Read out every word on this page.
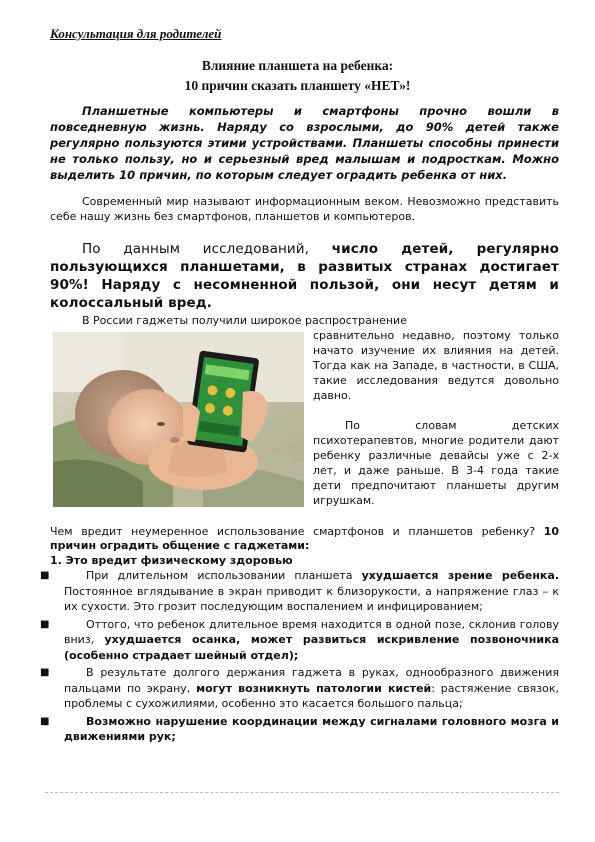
Консультация для родителей
Влияние планшета на ребенка:
10 причин сказать планшету «НЕТ»!
Планшетные компьютеры и смартфоны прочно вошли в повседневную жизнь. Наряду со взрослыми, до 90% детей также регулярно пользуются этими устройствами. Планшеты способны принести не только пользу, но и серьезный вред малышам и подросткам. Можно выделить 10 причин, по которым следует оградить ребенка от них.
Современный мир называют информационным веком. Невозможно представить себе нашу жизнь без смартфонов, планшетов и компьютеров.
По данным исследований, число детей, регулярно пользующихся планшетами, в развитых странах достигает 90%! Наряду с несомненной пользой, они несут детям и колоссальный вред.
В России гаджеты получили широкое распространение
сравнительно недавно, поэтому только начато изучение их влияния на детей. Тогда как на Западе, в частности, в США, такие исследования ведутся довольно давно.
По словам детских психотерапевтов, многие родители дают ребенку различные девайсы уже с 2-х лет, и даже раньше. В 3-4 года такие дети предпочитают планшеты другим игрушкам.
Чем вредит неумеренное использование смартфонов и планшетов ребенку? 10 причин оградить общение с гаджетами:
1. Это вредит физическому здоровью
■	При длительном использовании планшета ухудшается зрение ребенка. Постоянное вглядывание в экран приводит к близорукости, а напряжение глаз – к их сухости. Это грозит последующим воспалением и инфицированием;
■	Оттого, что ребенок длительное время находится в одной позе, склонив голову вниз, ухудшается осанка, может развиться искривление позвоночника (особенно страдает шейный отдел);
■	В результате долгого держания гаджета в руках, однообразного движения пальцами по экрану, могут возникнуть патологии кистей: растяжение связок, проблемы с сухожилиями, особенно это касается большого пальца;
■	Возможно нарушение координации между сигналами головного мозга и движениями рук;
